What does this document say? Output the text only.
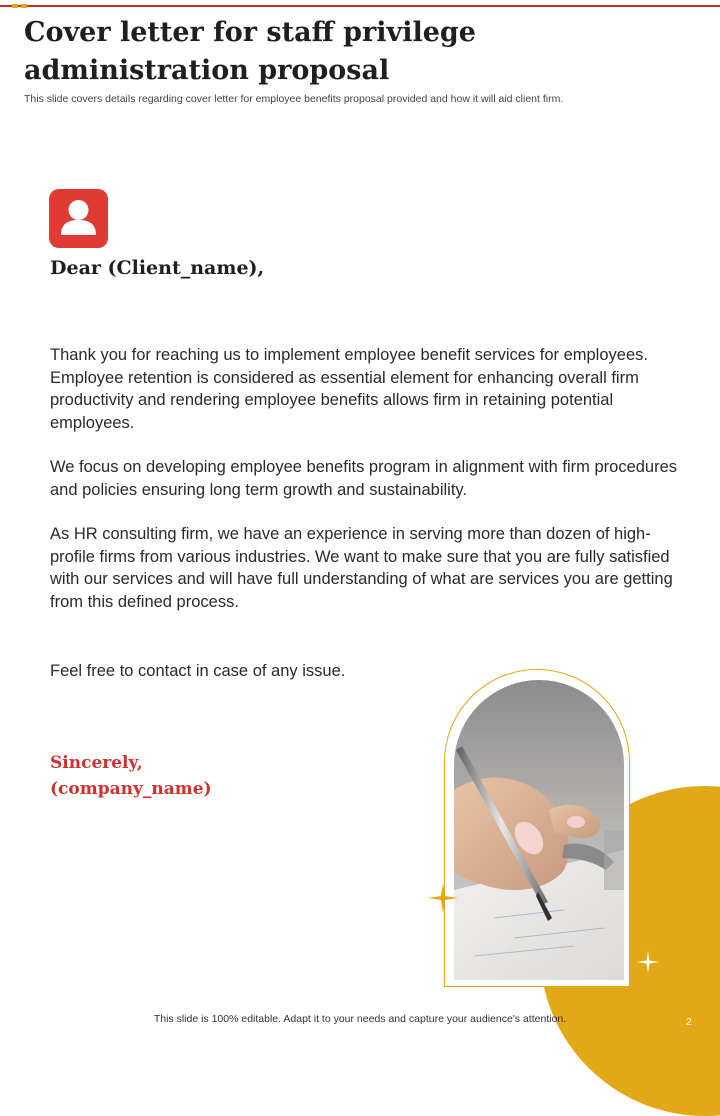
Cover letter for staff privilege
administration proposal
This slide covers details regarding cover letter for employee benefits proposal provided and how it will aid client firm.
Dear (Client_name),

Thank you for reaching us to implement employee benefit services for employees. Employee retention is considered as essential element for enhancing overall firm productivity and rendering employee benefits allows firm in retaining potential employees.

We focus on developing employee benefits program in alignment with firm procedures and policies ensuring long term growth and sustainability.

As HR consulting firm, we have an experience in serving more than dozen of high-profile firms from various industries. We want to make sure that you are fully satisfied with our services and will have full understanding of what are services you are getting from this defined process.

Feel free to contact in case of any issue.

Sincerely,
(company_name)
This slide is 100% editable. Adapt it to your needs and capture your audience's attention.	2
